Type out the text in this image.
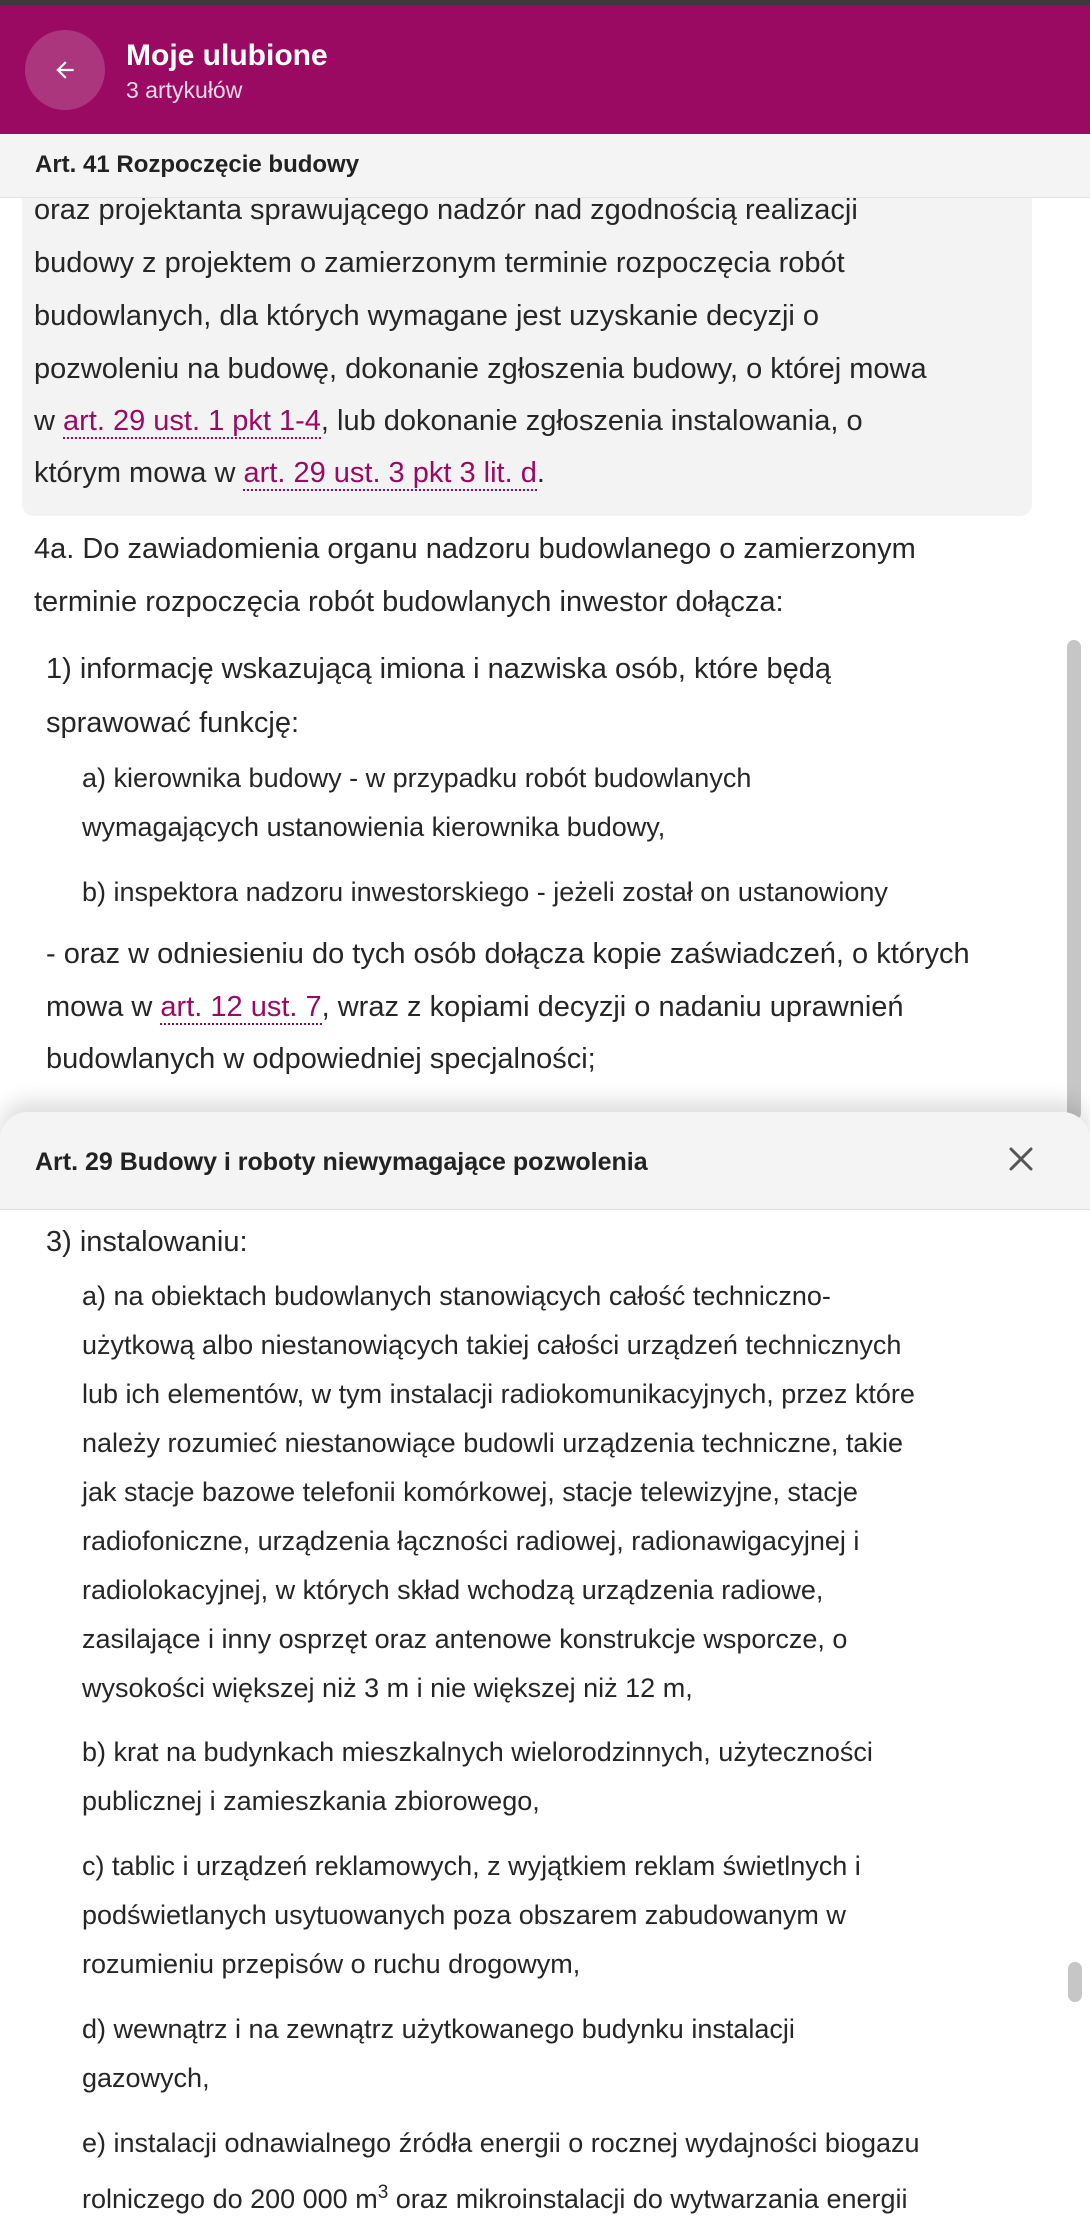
Moje ulubione
3 artykułów
Art. 41 Rozpoczęcie budowy
oraz projektanta sprawującego nadzór nad zgodnością realizacji
budowy z projektem o zamierzonym terminie rozpoczęcia robót
budowlanych, dla których wymagane jest uzyskanie decyzji o
pozwoleniu na budowę, dokonanie zgłoszenia budowy, o której mowa
w art. 29 ust. 1 pkt 1-4, lub dokonanie zgłoszenia instalowania, o
którym mowa w art. 29 ust. 3 pkt 3 lit. d.
4a. Do zawiadomienia organu nadzoru budowlanego o zamierzonym
terminie rozpoczęcia robót budowlanych inwestor dołącza:
1) informację wskazującą imiona i nazwiska osób, które będą
sprawować funkcję:
a) kierownika budowy - w przypadku robót budowlanych
wymagających ustanowienia kierownika budowy,
b) inspektora nadzoru inwestorskiego - jeżeli został on ustanowiony
- oraz w odniesieniu do tych osób dołącza kopie zaświadczeń, o których
mowa w art. 12 ust. 7, wraz z kopiami decyzji o nadaniu uprawnień
budowlanych w odpowiedniej specjalności;
Art. 29 Budowy i roboty niewymagające pozwolenia
3) instalowaniu:
a) na obiektach budowlanych stanowiących całość techniczno-
użytkową albo niestanowiących takiej całości urządzeń technicznych
lub ich elementów, w tym instalacji radiokomunikacyjnych, przez które
należy rozumieć niestanowiące budowli urządzenia techniczne, takie
jak stacje bazowe telefonii komórkowej, stacje telewizyjne, stacje
radiofoniczne, urządzenia łączności radiowej, radionawigacyjnej i
radiolokacyjnej, w których skład wchodzą urządzenia radiowe,
zasilające i inny osprzęt oraz antenowe konstrukcje wsporcze, o
wysokości większej niż 3 m i nie większej niż 12 m,
b) krat na budynkach mieszkalnych wielorodzinnych, użyteczności
publicznej i zamieszkania zbiorowego,
c) tablic i urządzeń reklamowych, z wyjątkiem reklam świetlnych i
podświetlanych usytuowanych poza obszarem zabudowanym w
rozumieniu przepisów o ruchu drogowym,
d) wewnątrz i na zewnątrz użytkowanego budynku instalacji
gazowych,
e) instalacji odnawialnego źródła energii o rocznej wydajności biogazu
rolniczego do 200 000 $m^3$ oraz mikroinstalacji do wytwarzania energii
